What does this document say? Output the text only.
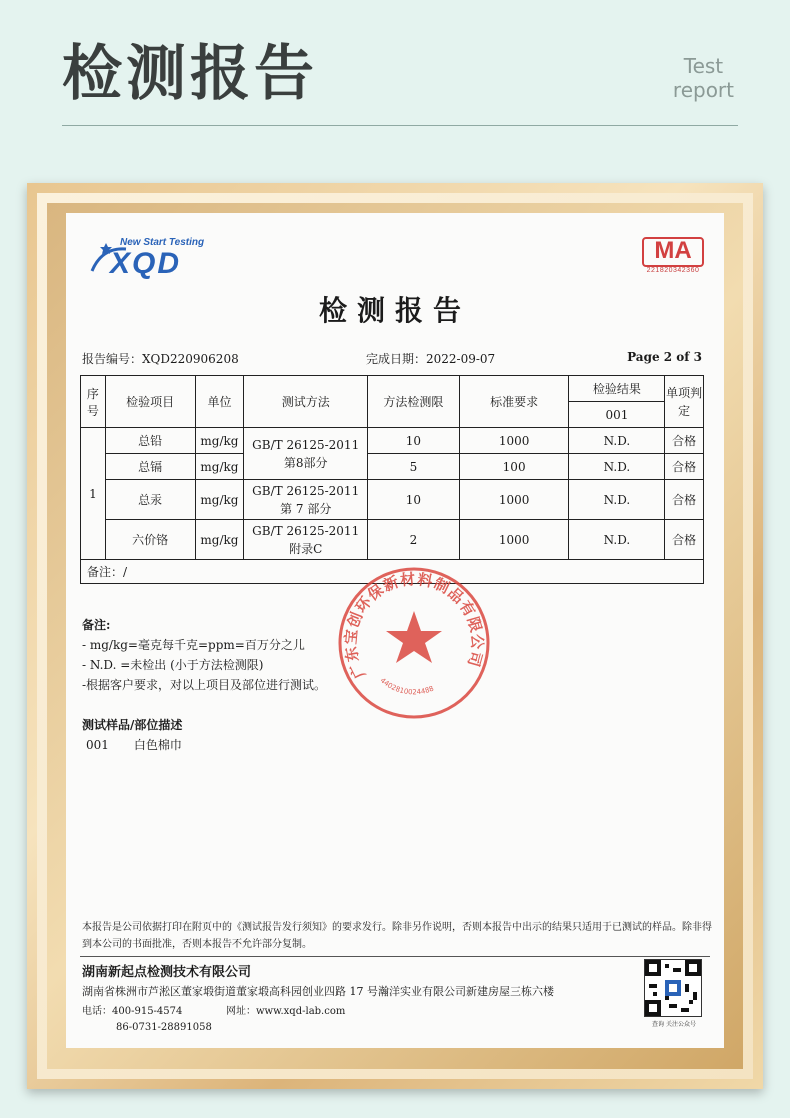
检测报告	Test
report
New Start Testing
XQD	MA
221820342360
检测报告
报告编号：XQD220906208	完成日期：2022-09-07	Page 2 of 3
序号	检验项目	单位	测试方法	方法检测限	标准要求	检验结果	单项判定
						001	
1	总铅	mg/kg	GB/T 26125-2011 第8部分	10	1000	N.D.	合格
	总镉	mg/kg		5	100	N.D.	合格
	总汞	mg/kg	GB/T 26125-2011 第 7 部分	10	1000	N.D.	合格
	六价铬	mg/kg	GB/T 26125-2011 附录C	2	1000	N.D.	合格
备注：/							
备注:
- mg/kg=毫克每千克=ppm=百万分之儿
- N.D. =未检出 (小于方法检测限)
-根据客户要求，对以上项目及部位进行测试。
测试样品/部位描述
001 白色棉巾
广东宝创环保新材料制品有限公司
4402810024488
本报告是公司依据打印在附页中的《测试报告发行须知》的要求发行。除非另作说明，否则本报告中出示的结果只适用于已测试的样品。除非得到本公司的书面批准，否则本报告不允许部分复制。
湖南新起点检测技术有限公司
湖南省株洲市芦淞区董家塅街道董家塅高科园创业四路 17 号瀚洋实业有限公司新建房屋三栋六楼
电话：400-915-4574	网址：www.xqd-lab.com
86-0731-28891058	查询 关注公众号
